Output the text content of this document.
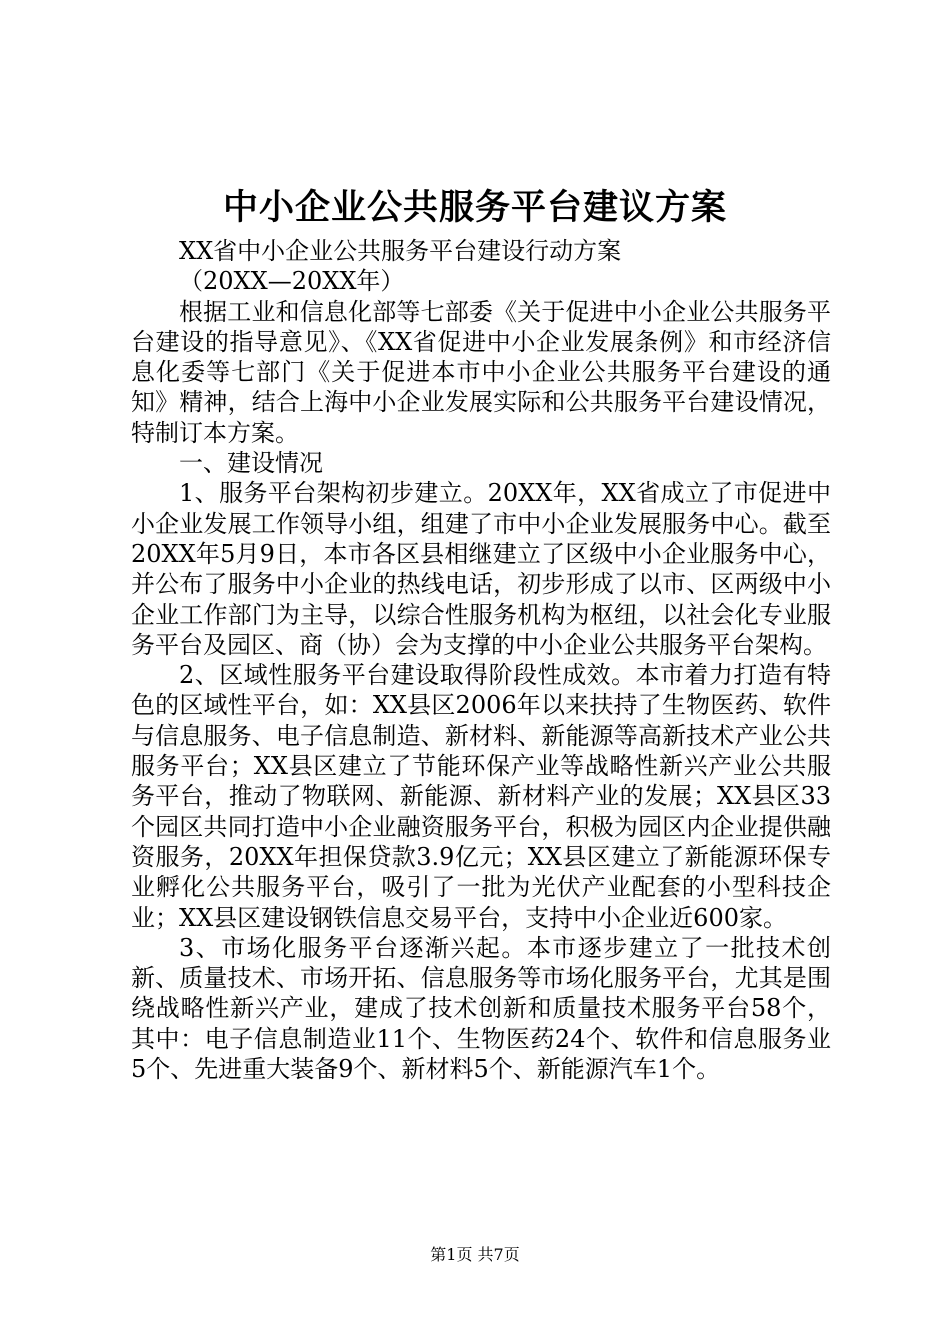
中小企业公共服务平台建议方案

XX省中小企业公共服务平台建设行动方案

（20XX—20XX年）

根据工业和信息化部等七部委《关于促进中小企业公共服务平台建设的指导意见》、《XX省促进中小企业发展条例》和市经济信息化委等七部门《关于促进本市中小企业公共服务平台建设的通知》精神，结合上海中小企业发展实际和公共服务平台建设情况，特制订本方案。

一、建设情况

1、服务平台架构初步建立。20XX年，XX省成立了市促进中小企业发展工作领导小组，组建了市中小企业发展服务中心。截至20XX年5月9日，本市各区县相继建立了区级中小企业服务中心，并公布了服务中小企业的热线电话，初步形成了以市、区两级中小企业工作部门为主导，以综合性服务机构为枢纽，以社会化专业服务平台及园区、商（协）会为支撑的中小企业公共服务平台架构。

2、区域性服务平台建设取得阶段性成效。本市着力打造有特色的区域性平台，如：XX县区2006年以来扶持了生物医药、软件与信息服务、电子信息制造、新材料、新能源等高新技术产业公共服务平台；XX县区建立了节能环保产业等战略性新兴产业公共服务平台，推动了物联网、新能源、新材料产业的发展；XX县区33个园区共同打造中小企业融资服务平台，积极为园区内企业提供融资服务，20XX年担保贷款3.9亿元；XX县区建立了新能源环保专业孵化公共服务平台，吸引了一批为光伏产业配套的小型科技企业；XX县区建设钢铁信息交易平台，支持中小企业近600家。

3、市场化服务平台逐渐兴起。本市逐步建立了一批技术创新、质量技术、市场开拓、信息服务等市场化服务平台，尤其是围绕战略性新兴产业，建成了技术创新和质量技术服务平台58个，其中：电子信息制造业11个、生物医药24个、软件和信息服务业5个、先进重大装备9个、新材料5个、新能源汽车1个。

第1页 共7页
